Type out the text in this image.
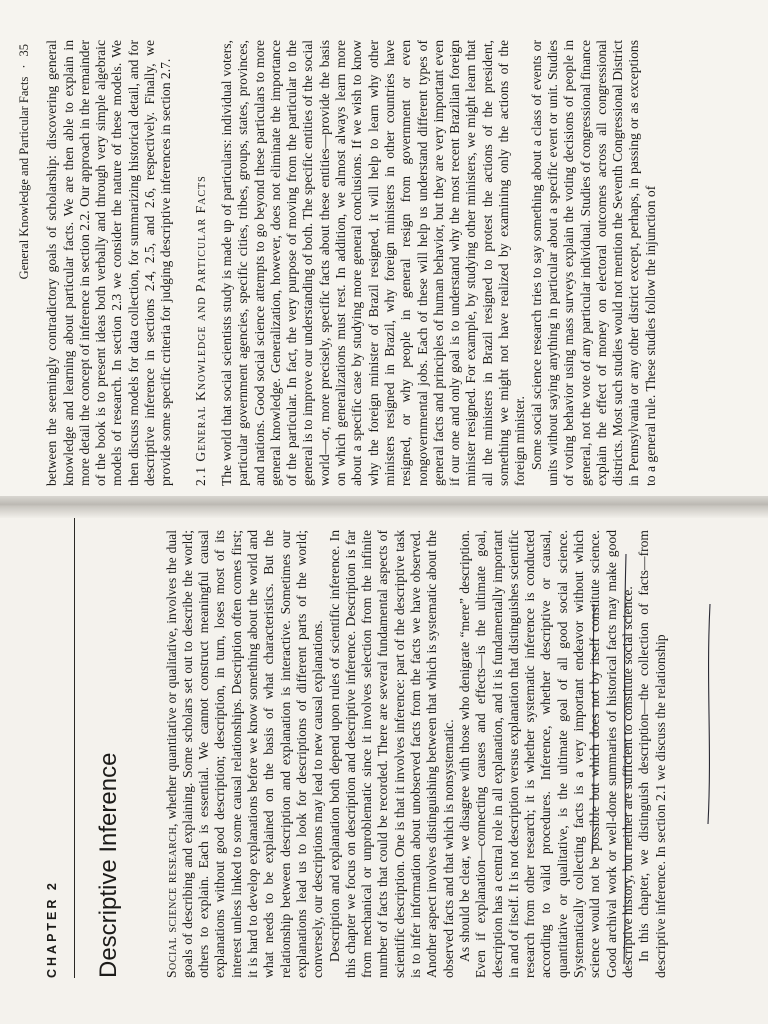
CHAPTER 2	Descriptive Inference	Social science research, whether quantitative or qualitative, involves the dual goals of describing and explaining. Some scholars set out to describe the world; others to explain. Each is essential. We cannot construct meaningful causal explanations without good description; description, in turn, loses most of its interest unless linked to some causal relationships. Description often comes first; it is hard to develop explanations before we know something about the world and what needs to be explained on the basis of what characteristics. But the relationship between description and explanation is interactive. Sometimes our explanations lead us to look for descriptions of different parts of the world; conversely, our descriptions may lead to new causal explanations. Description and explanation both depend upon rules of scientific inference. In this chapter we focus on description and descriptive inference. Description is far from mechanical or unproblematic since it involves selection from the infinite number of facts that could be recorded. There are several fundamental aspects of scientific description. One is that it involves inference: part of the descriptive task is to infer information about unobserved facts from the facts we have observed. Another aspect involves distinguishing between that which is systematic about the observed facts and that which is nonsystematic. As should be clear, we disagree with those who denigrate “mere” description. Even if explanation—connecting causes and effects—is the ultimate goal, description has a central role in all explanation, and it is fundamentally important in and of itself. It is not description versus explanation that distinguishes scientific research from other research; it is whether systematic inference is conducted according to valid procedures. Inference, whether descriptive or causal, quantitative or qualitative, is the ultimate goal of all good social science. Systematically collecting facts is a very important endeavor without which science would not be possible but which does not by itself constitute science. Good archival work or well-done summaries of historical facts may make good descriptive history, but neither are sufficient to constitute social science. In this chapter, we distinguish description—the collection of facts—from descriptive inference. In section 2.1 we discuss the relationship

General Knowledge and Particular Facts·35 between the seemingly contradictory goals of scholarship: discovering general knowledge and learning about particular facts. We are then able to explain in more detail the concept of inference in section 2.2. Our approach in the remainder of the book is to present ideas both verbally and through very simple algebraic models of research. In section 2.3 we consider the nature of these models. We then discuss models for data collection, for summarizing historical detail, and for descriptive inference in sections 2.4, 2.5, and 2.6, respectively. Finally, we provide some specific criteria for judging descriptive inferences in section 2.7. 2.1 General Knowledge and Particular Facts The world that social scientists study is made up of particulars: individual voters, particular government agencies, specific cities, tribes, groups, states, provinces, and nations. Good social science attempts to go beyond these particulars to more general knowledge. Generalization, however, does not eliminate the importance of the particular. In fact, the very purpose of moving from the particular to the general is to improve our understanding of both. The specific entities of the social world—or, more precisely, specific facts about these entities—provide the basis on which generalizations must rest. In addition, we almost always learn more about a specific case by studying more general conclusions. If we wish to know why the foreign minister of Brazil resigned, it will help to learn why other ministers resigned in Brazil, why foreign ministers in other countries have resigned, or why people in general resign from government or even nongovernmental jobs. Each of these will help us understand different types of general facts and principles of human behavior, but they are very important even if our one and only goal is to understand why the most recent Brazilian foreign minister resigned. For example, by studying other ministers, we might learn that all the ministers in Brazil resigned to protest the actions of the president, something we might not have realized by examining only the actions of the foreign minister. Some social science research tries to say something about a class of events or units without saying anything in particular about a specific event or unit. Studies of voting behavior using mass surveys explain the voting decisions of people in general, not the vote of any particular individual. Studies of congressional finance explain the effect of money on electoral outcomes across all congressional districts. Most such studies would not mention the Seventh Congressional District in Pennsylvania or any other district except, perhaps, in passing or as exceptions to a general rule. These studies follow the injunction of
